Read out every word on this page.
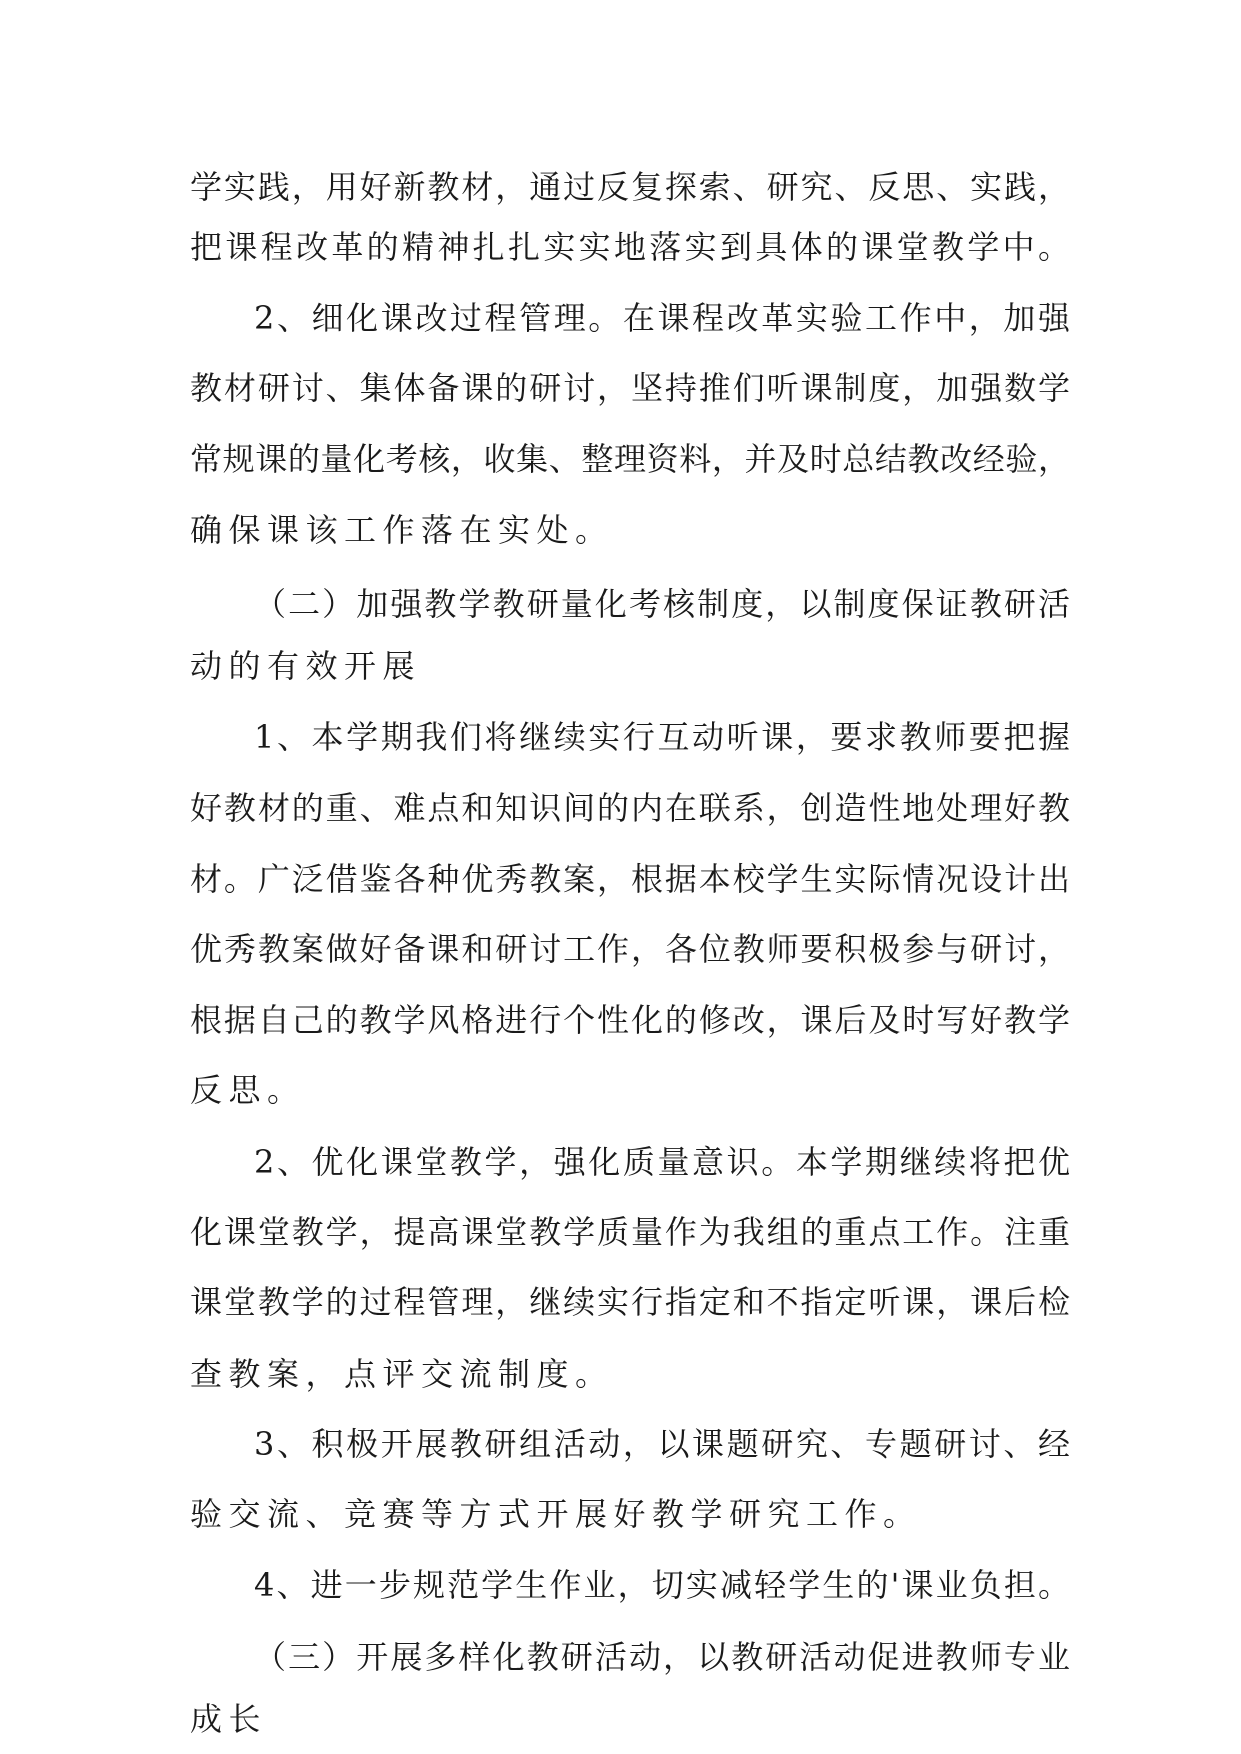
学实践，用好新教材，通过反复探索、研究、反思、实践，
把课程改革的精神扎扎实实地落实到具体的课堂教学中。
2、细化课改过程管理。在课程改革实验工作中，加强
教材研讨、集体备课的研讨，坚持推们听课制度，加强数学
常规课的量化考核，收集、整理资料，并及时总结教改经验，
确保课该工作落在实处。
（二）加强教学教研量化考核制度，以制度保证教研活
动的有效开展
1、本学期我们将继续实行互动听课，要求教师要把握
好教材的重、难点和知识间的内在联系，创造性地处理好教
材。广泛借鉴各种优秀教案，根据本校学生实际情况设计出
优秀教案做好备课和研讨工作，各位教师要积极参与研讨，
根据自己的教学风格进行个性化的修改，课后及时写好教学
反思。
2、优化课堂教学，强化质量意识。本学期继续将把优
化课堂教学，提高课堂教学质量作为我组的重点工作。注重
课堂教学的过程管理，继续实行指定和不指定听课，课后检
查教案，点评交流制度。
3、积极开展教研组活动，以课题研究、专题研讨、经
验交流、竞赛等方式开展好教学研究工作。
4、进一步规范学生作业，切实减轻学生的'课业负担。
（三）开展多样化教研活动，以教研活动促进教师专业
成长
